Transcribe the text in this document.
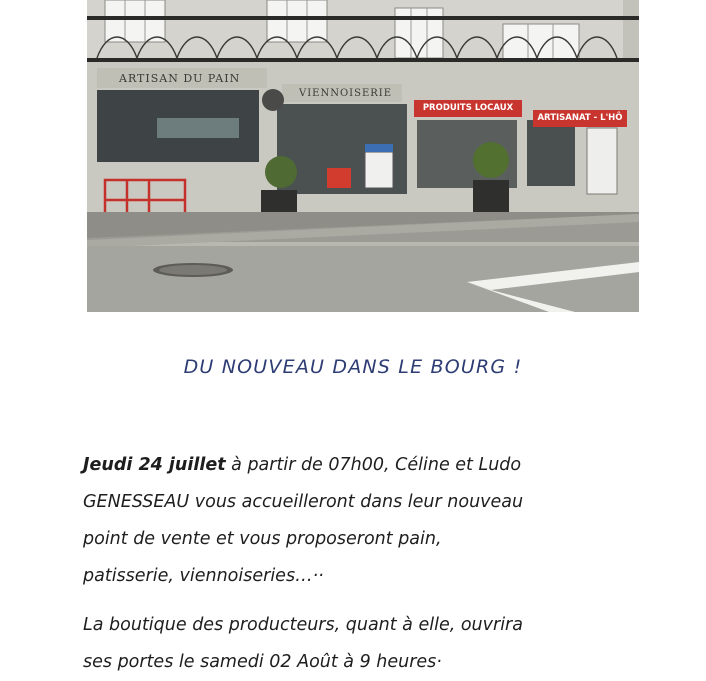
ARTISAN DU PAIN
VIENNOISERIE
PRODUITS LOCAUX
ARTISANAT - L'HÔ
DU NOUVEAU DANS LE BOURG !
Jeudi 24 juillet à partir de 07h00, Céline et Ludo
GENESSEAU vous accueilleront dans leur nouveau
point de vente et vous proposeront pain,
patisserie, viennoiseries…··
La boutique des producteurs, quant à elle, ouvrira
ses portes le samedi 02 Août à 9 heures·
